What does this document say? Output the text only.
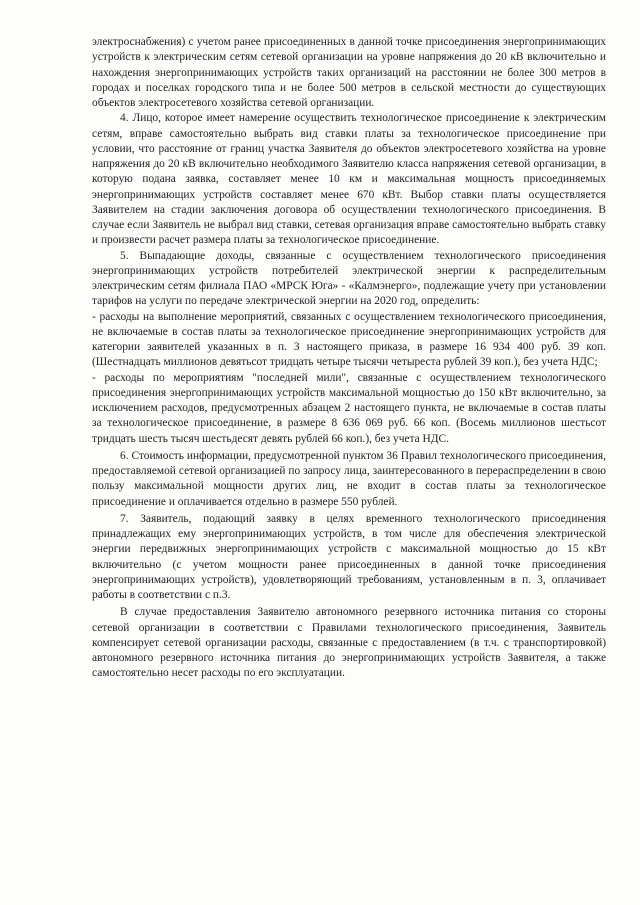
электроснабжения) с учетом ранее присоединенных в данной точке присоединения энергопринимающих устройств к электрическим сетям сетевой организации на уровне напряжения до 20 кВ включительно и нахождения энергопринимающих устройств таких организаций на расстоянии не более 300 метров в городах и поселках городского типа и не более 500 метров в сельской местности до существующих объектов электросетевого хозяйства сетевой организации.

4. Лицо, которое имеет намерение осуществить технологическое присоединение к электрическим сетям, вправе самостоятельно выбрать вид ставки платы за технологическое присоединение при условии, что расстояние от границ участка Заявителя до объектов электросетевого хозяйства на уровне напряжения до 20 кВ включительно необходимого Заявителю класса напряжения сетевой организации, в которую подана заявка, составляет менее 10 км и максимальная мощность присоединяемых энергопринимающих устройств составляет менее 670 кВт. Выбор ставки платы осуществляется Заявителем на стадии заключения договора об осуществлении технологического присоединения. В случае если Заявитель не выбрал вид ставки, сетевая организация вправе самостоятельно выбрать ставку и произвести расчет размера платы за технологическое присоединение.

5. Выпадающие доходы, связанные с осуществлением технологического присоединения энергопринимающих устройств потребителей электрической энергии к распределительным электрическим сетям филиала ПАО «МРСК Юга» - «Калмэнерго», подлежащие учету при установлении тарифов на услуги по передаче электрической энергии на 2020 год, определить:

- расходы на выполнение мероприятий, связанных с осуществлением технологического присоединения, не включаемые в состав платы за технологическое присоединение энергопринимающих устройств для категории заявителей указанных в п. 3 настоящего приказа, в размере 16 934 400 руб. 39 коп. (Шестнадцать миллионов девятьсот тридцать четыре тысячи четыреста рублей 39 коп.), без учета НДС;

- расходы по мероприятиям "последней мили", связанные с осуществлением технологического присоединения энергопринимающих устройств максимальной мощностью до 150 кВт включительно, за исключением расходов, предусмотренных абзацем 2 настоящего пункта, не включаемые в состав платы за технологическое присоединение, в размере 8 636 069 руб. 66 коп. (Восемь миллионов шестьсот тридцать шесть тысяч шестьдесят девять рублей 66 коп.), без учета НДС.

6. Стоимость информации, предусмотренной пунктом 36 Правил технологического присоединения, предоставляемой сетевой организацией по запросу лица, заинтересованного в перераспределении в свою пользу максимальной мощности других лиц, не входит в состав платы за технологическое присоединение и оплачивается отдельно в размере 550 рублей.

7. Заявитель, подающий заявку в целях временного технологического присоединения принадлежащих ему энергопринимающих устройств, в том числе для обеспечения электрической энергии передвижных энергопринимающих устройств с максимальной мощностью до 15 кВт включительно (с учетом мощности ранее присоединенных в данной точке присоединения энергопринимающих устройств), удовлетворяющий требованиям, установленным в п. 3, оплачивает работы в соответствии с п.3.

В случае предоставления Заявителю автономного резервного источника питания со стороны сетевой организации в соответствии с Правилами технологического присоединения, Заявитель компенсирует сетевой организации расходы, связанные с предоставлением (в т.ч. с транспортировкой) автономного резервного источника питания до энергопринимающих устройств Заявителя, а также самостоятельно несет расходы по его эксплуатации.
